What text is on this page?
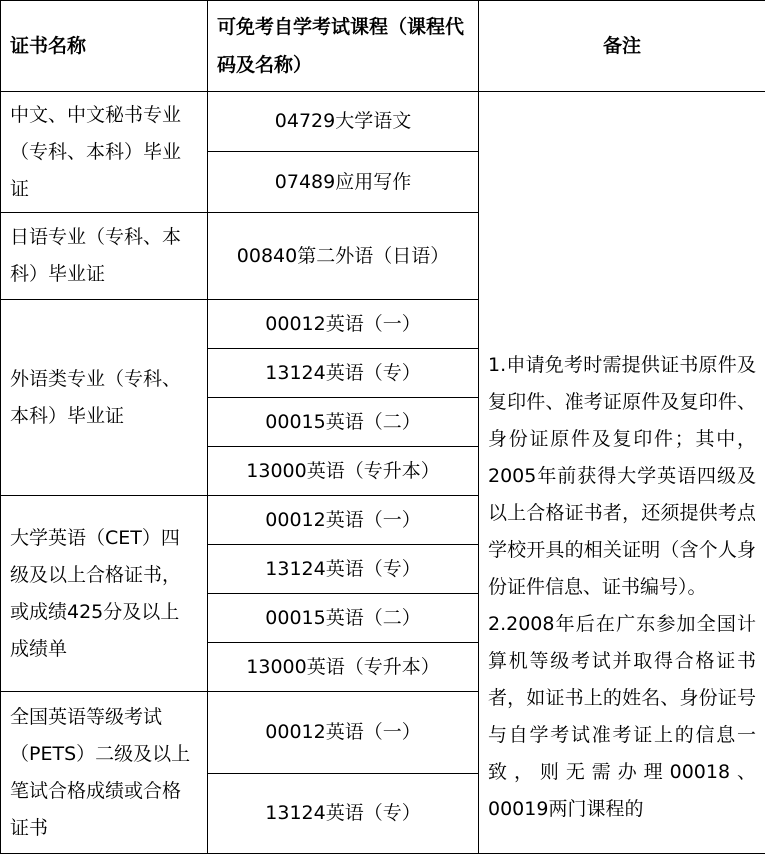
证书名称	可免考自学考试课程（课程代码及名称）	备注
中文、中文秘书专业（专科、本科）毕业证	04729大学语文	1.申请免考时需提供证书原件及复印件、准考证原件及复印件、身份证原件及复印件；其中，2005年前获得大学英语四级及以上合格证书者，还须提供考点学校开具的相关证明（含个人身份证件信息、证书编号）。
2.2008年后在广东参加全国计算机等级考试并取得合格证书者，如证书上的姓名、身份证号与自学考试准考证上的信息一致，则无需办理00018、00019两门课程的

	07489应用写作	
日语专业（专科、本科）毕业证	00840第二外语（日语）	
外语类专业（专科、本科）毕业证	00012英语（一）	
	13124英语（专）	
	00015英语（二）	
	13000英语（专升本）	
大学英语（CET）四级及以上合格证书，或成绩425分及以上成绩单	00012英语（一）	
	13124英语（专）	
	00015英语（二）	
	13000英语（专升本）	
全国英语等级考试（PETS）二级及以上笔试合格成绩或合格证书	00012英语（一）	
	13124英语（专）	
